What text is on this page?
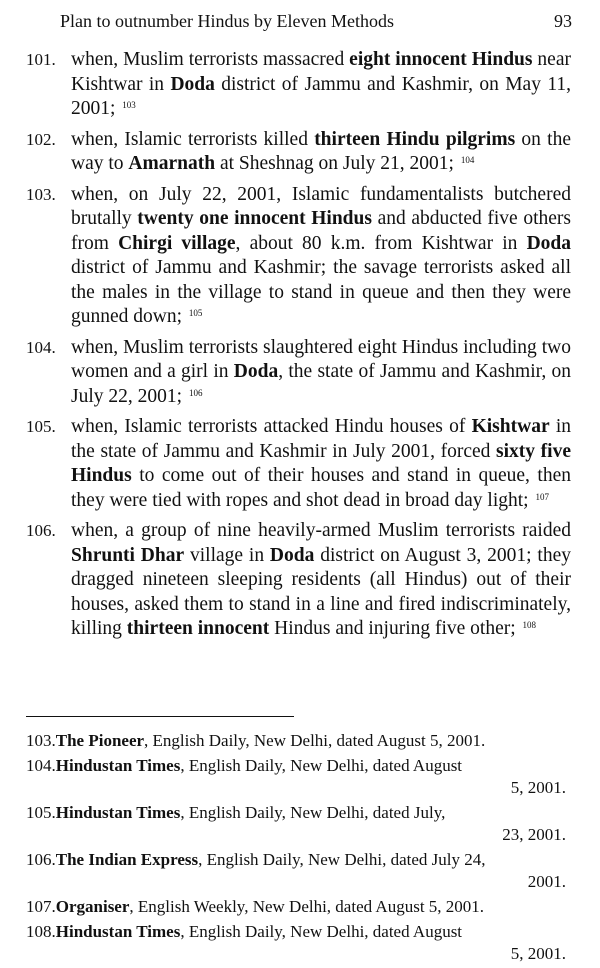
Plan to outnumber Hindus by Eleven Methods	93
101. when, Muslim terrorists massacred eight innocent Hindus near Kishtwar in Doda district of Jammu and Kashmir, on May 11, 2001; $^{103}$
102. when, Islamic terrorists killed thirteen Hindu pilgrims on the way to Amarnath at Sheshnag on July 21, 2001; $^{104}$
103. when, on July 22, 2001, Islamic fundamentalists butchered brutally twenty one innocent Hindus and abducted five others from Chirgi village, about 80 k.m. from Kishtwar in Doda district of Jammu and Kashmir; the savage terrorists asked all the males in the village to stand in queue and then they were gunned down; $^{105}$
104. when, Muslim terrorists slaughtered eight Hindus including two women and a girl in Doda, the state of Jammu and Kashmir, on July 22, 2001; $^{106}$
105. when, Islamic terrorists attacked Hindu houses of Kishtwar in the state of Jammu and Kashmir in July 2001, forced sixty five Hindus to come out of their houses and stand in queue, then they were tied with ropes and shot dead in broad day light; $^{107}$
106. when, a group of nine heavily-armed Muslim terrorists raided Shrunti Dhar village in Doda district on August 3, 2001; they dragged nineteen sleeping residents (all Hindus) out of their houses, asked them to stand in a line and fired indiscriminately, killing thirteen innocent Hindus and injuring five other; $^{108}$
103.The Pioneer, English Daily, New Delhi, dated August 5, 2001.
104.Hindustan Times, English Daily, New Delhi, dated August
5, 2001.
105.Hindustan Times, English Daily, New Delhi, dated July,
23, 2001.
106.The Indian Express, English Daily, New Delhi, dated July 24,
2001.
107.Organiser, English Weekly, New Delhi, dated August 5, 2001.
108.Hindustan Times, English Daily, New Delhi, dated August
5, 2001.
